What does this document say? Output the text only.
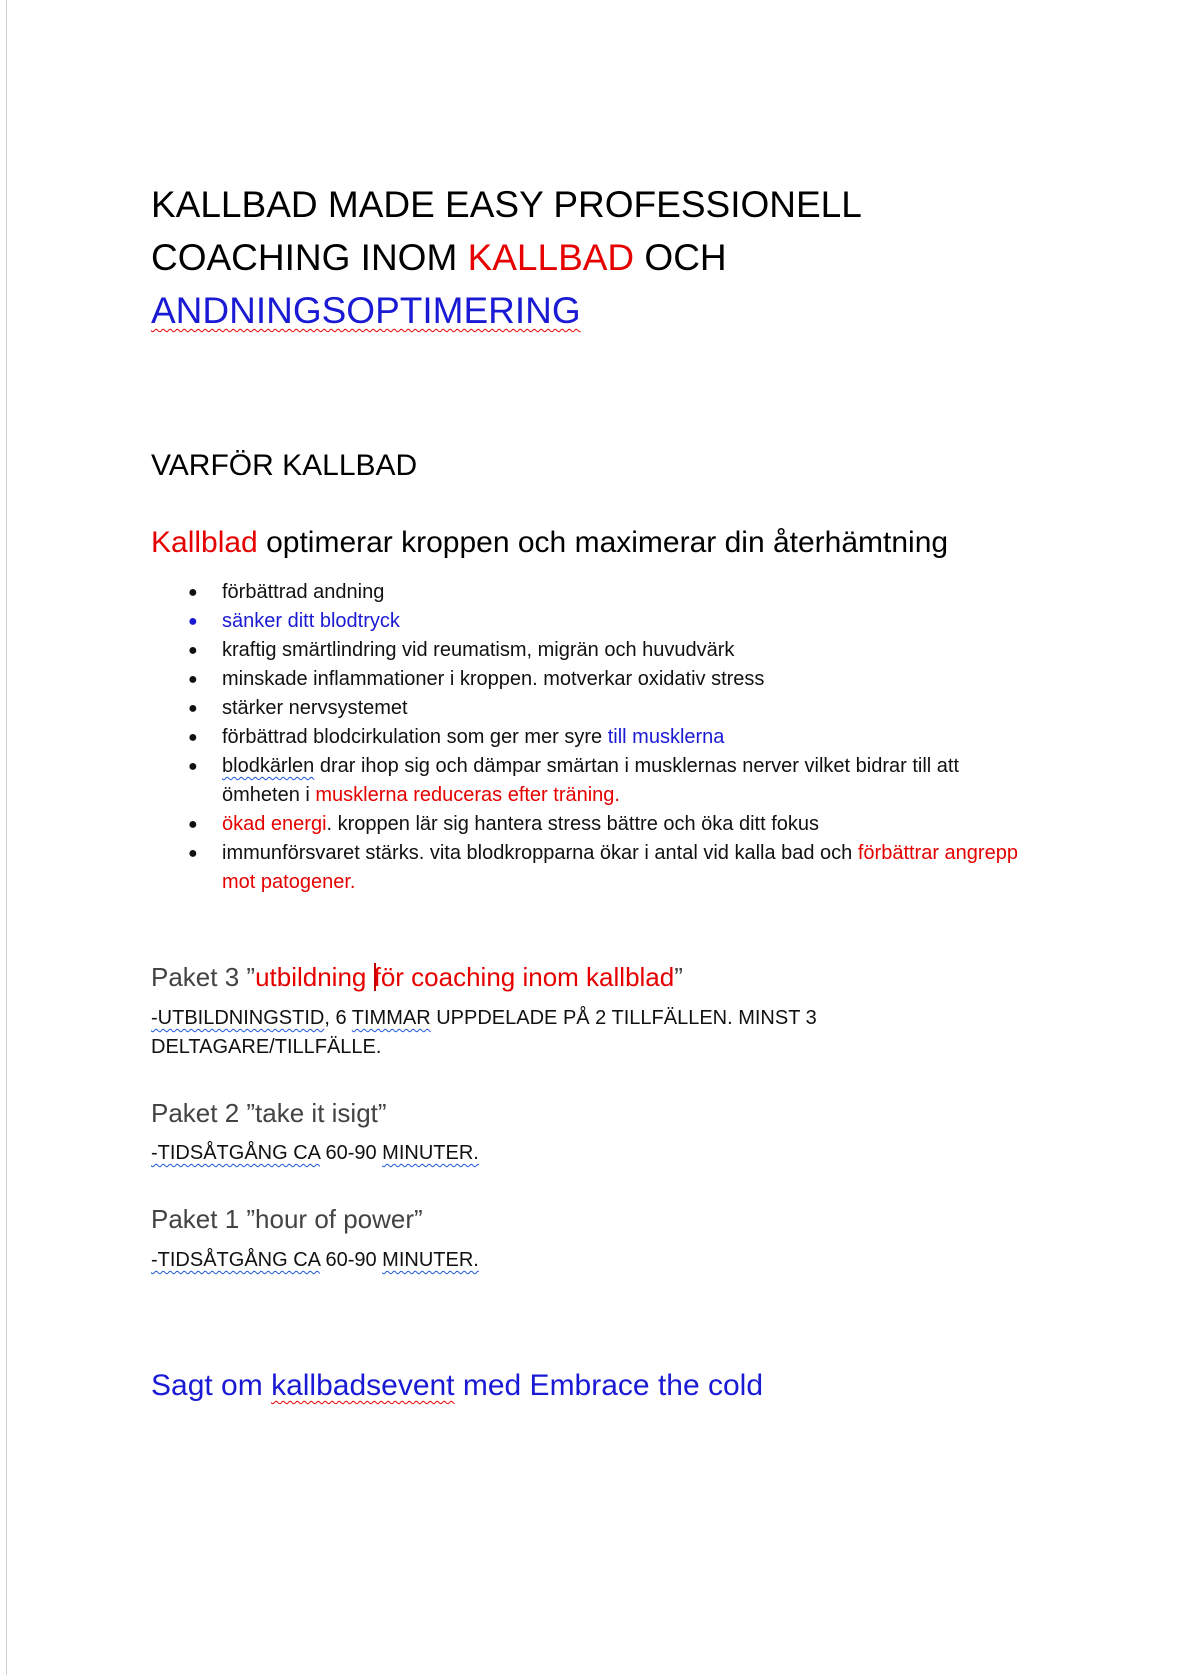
KALLBAD MADE EASY PROFESSIONELL COACHING INOM KALLBAD OCH
ANDNINGSOPTIMERING
VARFÖR KALLBAD
Kallblad optimerar kroppen och maximerar din återhämtning
● förbättrad andning
● sänker ditt blodtryck
● kraftig smärtlindring vid reumatism, migrän och huvudvärk
● minskade inflammationer i kroppen. motverkar oxidativ stress
● stärker nervsystemet
● förbättrad blodcirkulation som ger mer syre till musklerna
● blodkärlen drar ihop sig och dämpar smärtan i musklernas nerver vilket bidrar till att ömheten i musklerna reduceras efter träning.
● ökad energi. kroppen lär sig hantera stress bättre och öka ditt fokus
● immunförsvaret stärks. vita blodkropparna ökar i antal vid kalla bad och förbättrar angrepp mot patogener.
Paket 3 ”utbildning för coaching inom kallblad”

-UTBILDNINGSTID, 6 TIMMAR UPPDELADE PÅ 2 TILLFÄLLEN. MINST 3 DELTAGARE/TILLFÄLLE.

Paket 2 ”take it isigt”

-TIDSÅTGÅNG CA 60-90 MINUTER.

Paket 1 ”hour of power”

-TIDSÅTGÅNG CA 60-90 MINUTER.

Sagt om kallbadsevent med Embrace the cold
